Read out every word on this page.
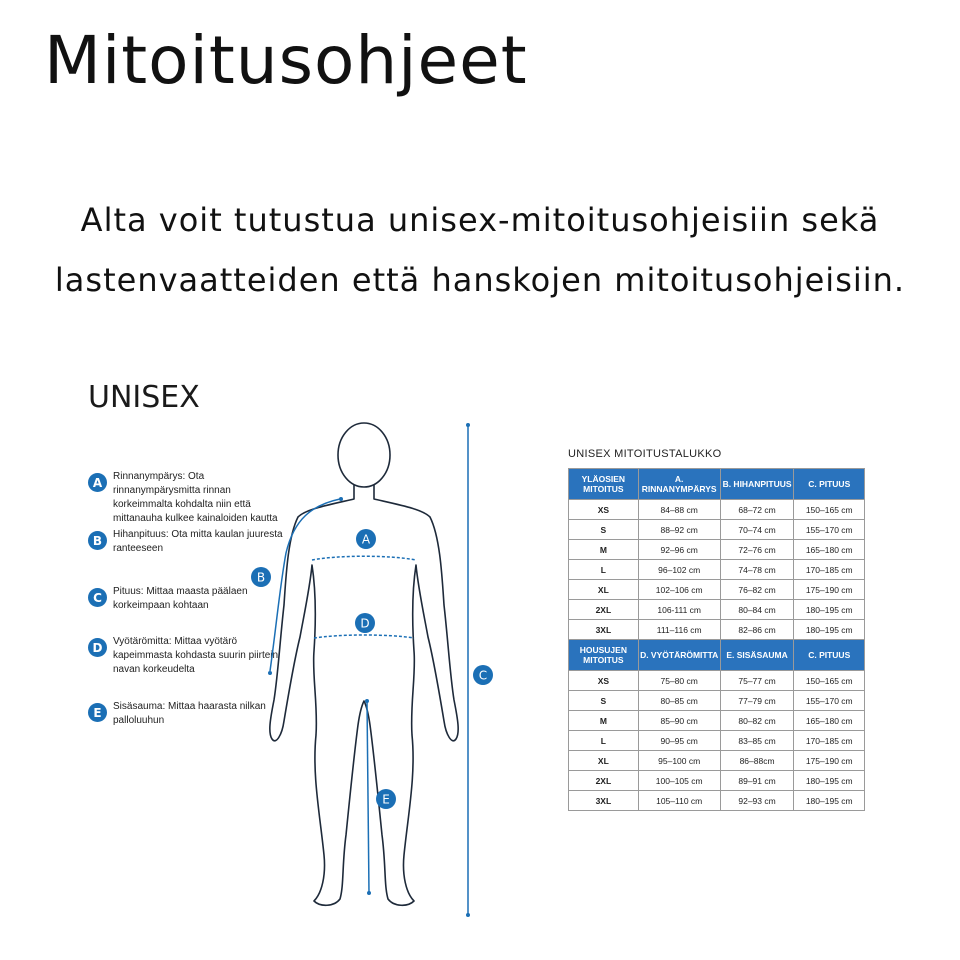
Mitoitusohjeet
Alta voit tutustua unisex-mitoitusohjeisiin sekä
lastenvaatteiden että hanskojen mitoitusohjeisiin.
UNISEX
A	Rinnanympärys: Ota rinnanympärysmitta rinnan korkeimmalta kohdalta niin että mittanauha kulkee kainaloiden kautta
B	Hihanpituus: Ota mitta kaulan juuresta ranteeseen
C	Pituus: Mittaa maasta päälaen korkeimpaan kohtaan
D	Vyötärömitta: Mittaa vyötärö kapeimmasta kohdasta suurin piirtein navan korkeudelta
E	Sisäsauma: Mittaa haarasta nilkan palloluuhun
A
B
C
D
E
UNISEX MITOITUSTALUKKO
YLÄOSIEN MITOITUS	A. RINNANYMPÄRYS	B. HIHANPITUUS	C. PITUUS
XS	84–88 cm	68–72 cm	150–165 cm
S	88–92 cm	70–74 cm	155–170 cm
M	92–96 cm	72–76 cm	165–180 cm
L	96–102 cm	74–78 cm	170–185 cm
XL	102–106 cm	76–82 cm	175–190 cm
2XL	106-111 cm	80–84 cm	180–195 cm
3XL	111–116 cm	82–86 cm	180–195 cm
HOUSUJEN MITOITUS	D. VYÖTÄRÖMITTA	E. SISÄSAUMA	C. PITUUS
XS	75–80 cm	75–77 cm	150–165 cm
S	80–85 cm	77–79 cm	155–170 cm
M	85–90 cm	80–82 cm	165–180 cm
L	90–95 cm	83–85 cm	170–185 cm
XL	95–100 cm	86–88cm	175–190 cm
2XL	100–105 cm	89–91 cm	180–195 cm
3XL	105–110 cm	92–93 cm	180–195 cm
